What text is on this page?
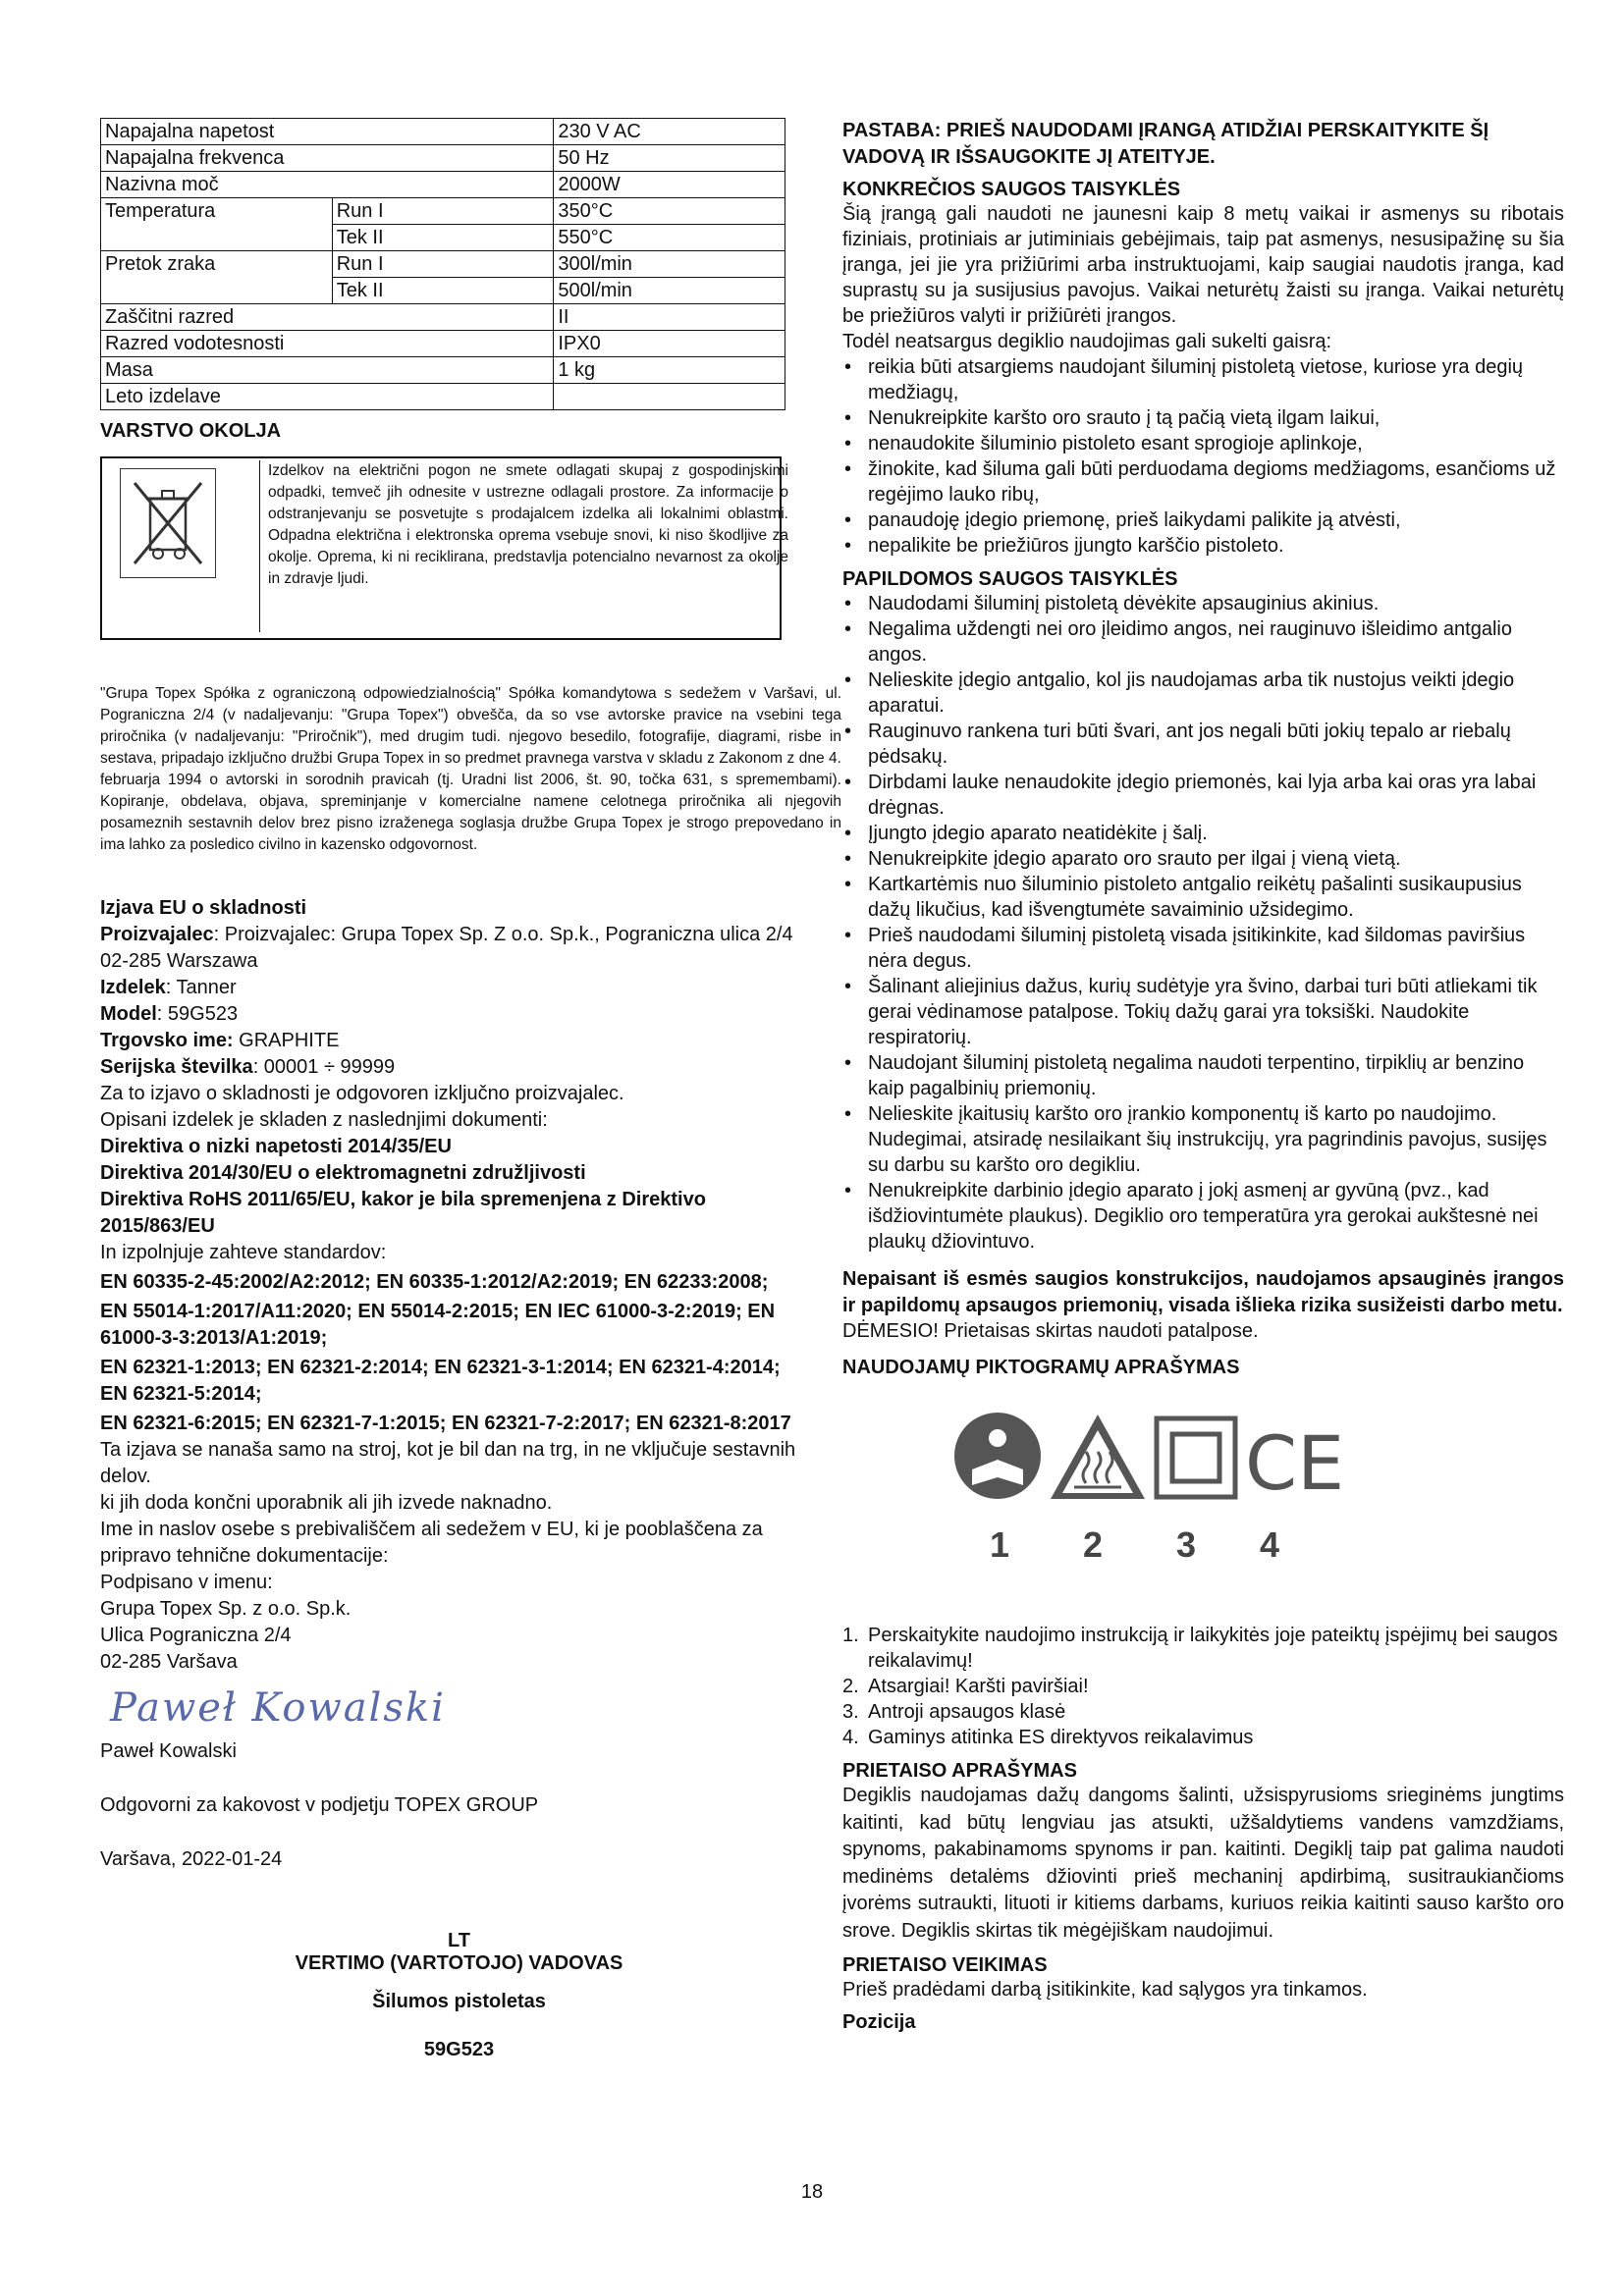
Napajalna napetost		230 V AC
Napajalna frekvenca		50 Hz
Nazivna moč		2000W
Temperatura	Run I	350°C
	Tek II	550°C
Pretok zraka	Run I	300l/min
	Tek II	500l/min
Zaščitni razred		II
Razred vodotesnosti		IPX0
Masa		1 kg
Leto izdelave		

VARSTVO OKOLJA

Izdelkov na električni pogon ne smete odlagati skupaj z gospodinjskimi odpadki, temveč jih odnesite v ustrezne odlagali prostore. Za informacije o odstranjevanju se posvetujte s prodajalcem izdelka ali lokalnimi oblastmi. Odpadna električna i elektronska oprema vsebuje snovi, ki niso škodljive za okolje. Oprema, ki ni reciklirana, predstavlja potencialno nevarnost za okolje in zdravje ljudi.

"Grupa Topex Spółka z ograniczoną odpowiedzialnością" Spółka komandytowa s sedežem v Varšavi, ul. Pograniczna 2/4 (v nadaljevanju: "Grupa Topex") obvešča, da so vse avtorske pravice na vsebini tega priročnika (v nadaljevanju: "Priročnik"), med drugim tudi. njegovo besedilo, fotografije, diagrami, risbe in sestava, pripadajo izključno družbi Grupa Topex in so predmet pravnega varstva v skladu z Zakonom z dne 4. februarja 1994 o avtorski in sorodnih pravicah (tj. Uradni list 2006, št. 90, točka 631, s spremembami). Kopiranje, obdelava, objava, spreminjanje v komercialne namene celotnega priročnika ali njegovih posameznih sestavnih delov brez pisno izraženega soglasja družbe Grupa Topex je strogo prepovedano in ima lahko za posledico civilno in kazensko odgovornost.

Izjava EU o skladnosti

Proizvajalec: Proizvajalec: Grupa Topex Sp. Z o.o. Sp.k., Pograniczna ulica 2/4 02-285 Warszawa

Izdelek: Tanner

Model: 59G523

Trgovsko ime: GRAPHITE

Serijska številka: 00001 ÷ 99999

Za to izjavo o skladnosti je odgovoren izključno proizvajalec.

Opisani izdelek je skladen z naslednjimi dokumenti:

Direktiva o nizki napetosti 2014/35/EU

Direktiva 2014/30/EU o elektromagnetni združljivosti

Direktiva RoHS 2011/65/EU, kakor je bila spremenjena z Direktivo 2015/863/EU

In izpolnjuje zahteve standardov:

EN 60335-2-45:2002/A2:2012; EN 60335-1:2012/A2:2019; EN 62233:2008;

EN 55014-1:2017/A11:2020; EN 55014-2:2015; EN IEC 61000-3-2:2019; EN 61000-3-3:2013/A1:2019;

EN 62321-1:2013; EN 62321-2:2014; EN 62321-3-1:2014; EN 62321-4:2014; EN 62321-5:2014;

EN 62321-6:2015; EN 62321-7-1:2015; EN 62321-7-2:2017; EN 62321-8:2017

Ta izjava se nanaša samo na stroj, kot je bil dan na trg, in ne vključuje sestavnih delov.

ki jih doda končni uporabnik ali jih izvede naknadno.

Ime in naslov osebe s prebivališčem ali sedežem v EU, ki je pooblaščena za pripravo tehnične dokumentacije:

Podpisano v imenu:

Grupa Topex Sp. z o.o. Sp.k.

Ulica Pograniczna 2/4

02-285 Varšava

Paweł Kowalski

Paweł Kowalski

Odgovorni za kakovost v podjetju TOPEX GROUP

Varšava, 2022-01-24

LT

VERTIMO (VARTOTOJO) VADOVAS

Šilumos pistoletas

59G523

PASTABA: PRIEŠ NAUDODAMI ĮRANGĄ ATIDŽIAI PERSKAITYKITE ŠĮ VADOVĄ IR IŠSAUGOKITE JĮ ATEITYJE.

KONKREČIOS SAUGOS TAISYKLĖS

Šią įrangą gali naudoti ne jaunesni kaip 8 metų vaikai ir asmenys su ribotais fiziniais, protiniais ar jutiminiais gebėjimais, taip pat asmenys, nesusipažinę su šia įranga, jei jie yra prižiūrimi arba instruktuojami, kaip saugiai naudotis įranga, kad suprastų su ja susijusius pavojus. Vaikai neturėtų žaisti su įranga. Vaikai neturėtų be priežiūros valyti ir prižiūrėti įrangos.

Todėl neatsargus degiklio naudojimas gali sukelti gaisrą:

• reikia būti atsargiems naudojant šiluminį pistoletą vietose, kuriose yra degių medžiagų,
• Nenukreipkite karšto oro srauto į tą pačią vietą ilgam laikui,
• nenaudokite šiluminio pistoleto esant sprogioje aplinkoje,
• žinokite, kad šiluma gali būti perduodama degioms medžiagoms, esančioms už regėjimo lauko ribų,
• panaudoję įdegio priemonę, prieš laikydami palikite ją atvėsti,
• nepalikite be priežiūros įjungto karščio pistoleto.

PAPILDOMOS SAUGOS TAISYKLĖS

• Naudodami šiluminį pistoletą dėvėkite apsauginius akinius.
• Negalima uždengti nei oro įleidimo angos, nei rauginuvo išleidimo antgalio angos.
• Nelieskite įdegio antgalio, kol jis naudojamas arba tik nustojus veikti įdegio aparatui.
• Rauginuvo rankena turi būti švari, ant jos negali būti jokių tepalo ar riebalų pėdsakų.
• Dirbdami lauke nenaudokite įdegio priemonės, kai lyja arba kai oras yra labai drėgnas.
• Įjungto įdegio aparato neatidėkite į šalį.
• Nenukreipkite įdegio aparato oro srauto per ilgai į vieną vietą.
• Kartkartėmis nuo šiluminio pistoleto antgalio reikėtų pašalinti susikaupusius dažų likučius, kad išvengtumėte savaiminio užsidegimo.
• Prieš naudodami šiluminį pistoletą visada įsitikinkite, kad šildomas paviršius nėra degus.
• Šalinant aliejinius dažus, kurių sudėtyje yra švino, darbai turi būti atliekami tik gerai vėdinamose patalpose. Tokių dažų garai yra toksiški. Naudokite respiratorių.
• Naudojant šiluminį pistoletą negalima naudoti terpentino, tirpiklių ar benzino kaip pagalbinių priemonių.
• Nelieskite įkaitusių karšto oro įrankio komponentų iš karto po naudojimo. Nudegimai, atsiradę nesilaikant šių instrukcijų, yra pagrindinis pavojus, susijęs su darbu su karšto oro degikliu.
• Nenukreipkite darbinio įdegio aparato į jokį asmenį ar gyvūną (pvz., kad išdžiovintumėte plaukus). Degiklio oro temperatūra yra gerokai aukštesnė nei plaukų džiovintuvo.

Nepaisant iš esmės saugios konstrukcijos, naudojamos apsauginės įrangos ir papildomų apsaugos priemonių, visada išlieka rizika susižeisti darbo metu.

DĖMESIO! Prietaisas skirtas naudoti patalpose.

NAUDOJAMŲ PIKTOGRAMŲ APRAŠYMAS

CE
1 2 3 4
1. Perskaitykite naudojimo instrukciją ir laikykitės joje pateiktų įspėjimų bei saugos reikalavimų!
2. Atsargiai! Karšti paviršiai!
3. Antroji apsaugos klasė
4. Gaminys atitinka ES direktyvos reikalavimus

PRIETAISO APRAŠYMAS

Degiklis naudojamas dažų dangoms šalinti, užsispyrusioms srieginėms jungtims kaitinti, kad būtų lengviau jas atsukti, užšaldytiems vandens vamzdžiams, spynoms, pakabinamoms spynoms ir pan. kaitinti. Degiklį taip pat galima naudoti medinėms detalėms džiovinti prieš mechaninį apdirbimą, susitraukiančioms įvorėms sutraukti, lituoti ir kitiems darbams, kuriuos reikia kaitinti sauso karšto oro srove. Degiklis skirtas tik mėgėjiškam naudojimui.

PRIETAISO VEIKIMAS

Prieš pradėdami darbą įsitikinkite, kad sąlygos yra tinkamos.

Pozicija

18
